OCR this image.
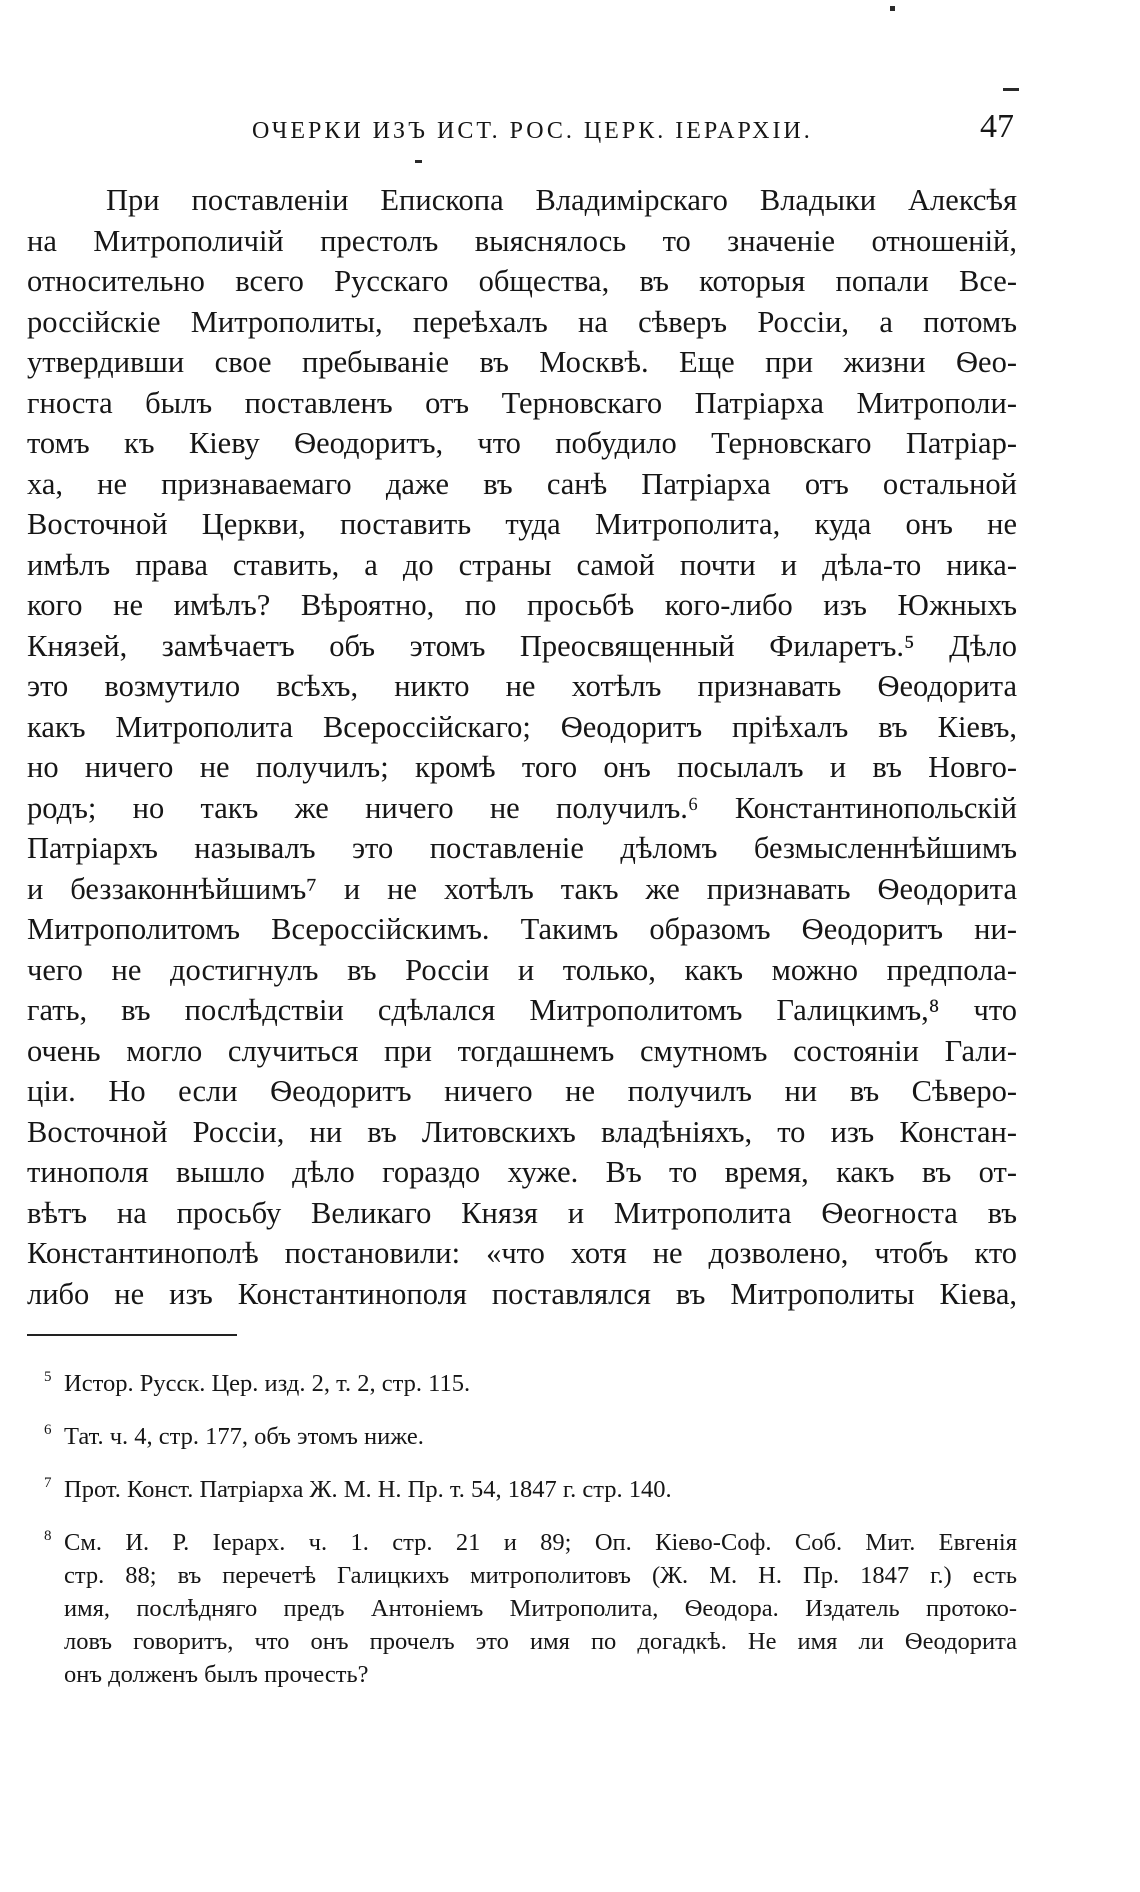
ОЧЕРКИ ИЗЪ ИСТ. РОС. ЦЕРК. ІЕРАРХІИ.	47
При поставленіи Епископа Владимірскаго Владыки Алексѣя
на Митрополичій престолъ выяснялось то значеніе отношеній,
относительно всего Русскаго общества, въ которыя попали Все-
россійскіе Митрополиты, переѣхалъ на сѣверъ Россіи, а потомъ
утвердивши свое пребываніе въ Москвѣ. Еще при жизни Ѳео-
гноста былъ поставленъ отъ Терновскаго Патріарха Митрополи-
томъ къ Кіеву Ѳеодоритъ, что побудило Терновскаго Патріар-
ха, не признаваемаго даже въ санѣ Патріарха отъ остальной
Восточной Церкви, поставить туда Митрополита, куда онъ не
имѣлъ права ставить, а до страны самой почти и дѣла-то ника-
кого не имѣлъ? Вѣроятно, по просьбѣ кого-либо изъ Южныхъ
Князей, замѣчаетъ объ этомъ Преосвященный Филаретъ.⁵ Дѣло
это возмутило всѣхъ, никто не хотѣлъ признавать Ѳеодорита
какъ Митрополита Всероссійскаго; Ѳеодоритъ пріѣхалъ въ Кіевъ,
но ничего не получилъ; кромѣ того онъ посылалъ и въ Новго-
родъ; но такъ же ничего не получилъ.⁶ Константинопольскій
Патріархъ называлъ это поставленіе дѣломъ безмысленнѣйшимъ
и беззаконнѣйшимъ⁷ и не хотѣлъ такъ же признавать Ѳеодорита
Митрополитомъ Всероссійскимъ. Такимъ образомъ Ѳеодоритъ ни-
чего не достигнулъ въ Россіи и только, какъ можно предпола-
гать, въ послѣдствіи сдѣлался Митрополитомъ Галицкимъ,⁸ что
очень могло случиться при тогдашнемъ смутномъ состояніи Гали-
ціи. Но если Ѳеодоритъ ничего не получилъ ни въ Сѣверо-
Восточной Россіи, ни въ Литовскихъ владѣніяхъ, то изъ Констан-
тинополя вышло дѣло гораздо хуже. Въ то время, какъ въ от-
вѣтъ на просьбу Великаго Князя и Митрополита Ѳеогноста въ
Константинополѣ постановили: «что хотя не дозволено, чтобъ кто
либо не изъ Константинополя поставлялся въ Митрополиты Кіева,
5 Истор. Русск. Цер. изд. 2, т. 2, стр. 115.
6 Тат. ч. 4, стр. 177, объ этомъ ниже.
7 Прот. Конст. Патріарха Ж. М. Н. Пр. т. 54, 1847 г. стр. 140.
8 См. И. Р. Іерарх. ч. 1. стр. 21 и 89; Оп. Кіево-Соф. Соб. Мит. Евгенія
стр. 88; въ перечетѣ Галицкихъ митрополитовъ (Ж. М. Н. Пр. 1847 г.) есть
имя, послѣдняго предъ Антоніемъ Митрополита, Ѳеодора. Издатель протоко-
ловъ говоритъ, что онъ прочелъ это имя по догадкѣ. Не имя ли Ѳеодорита
онъ долженъ былъ прочесть?
